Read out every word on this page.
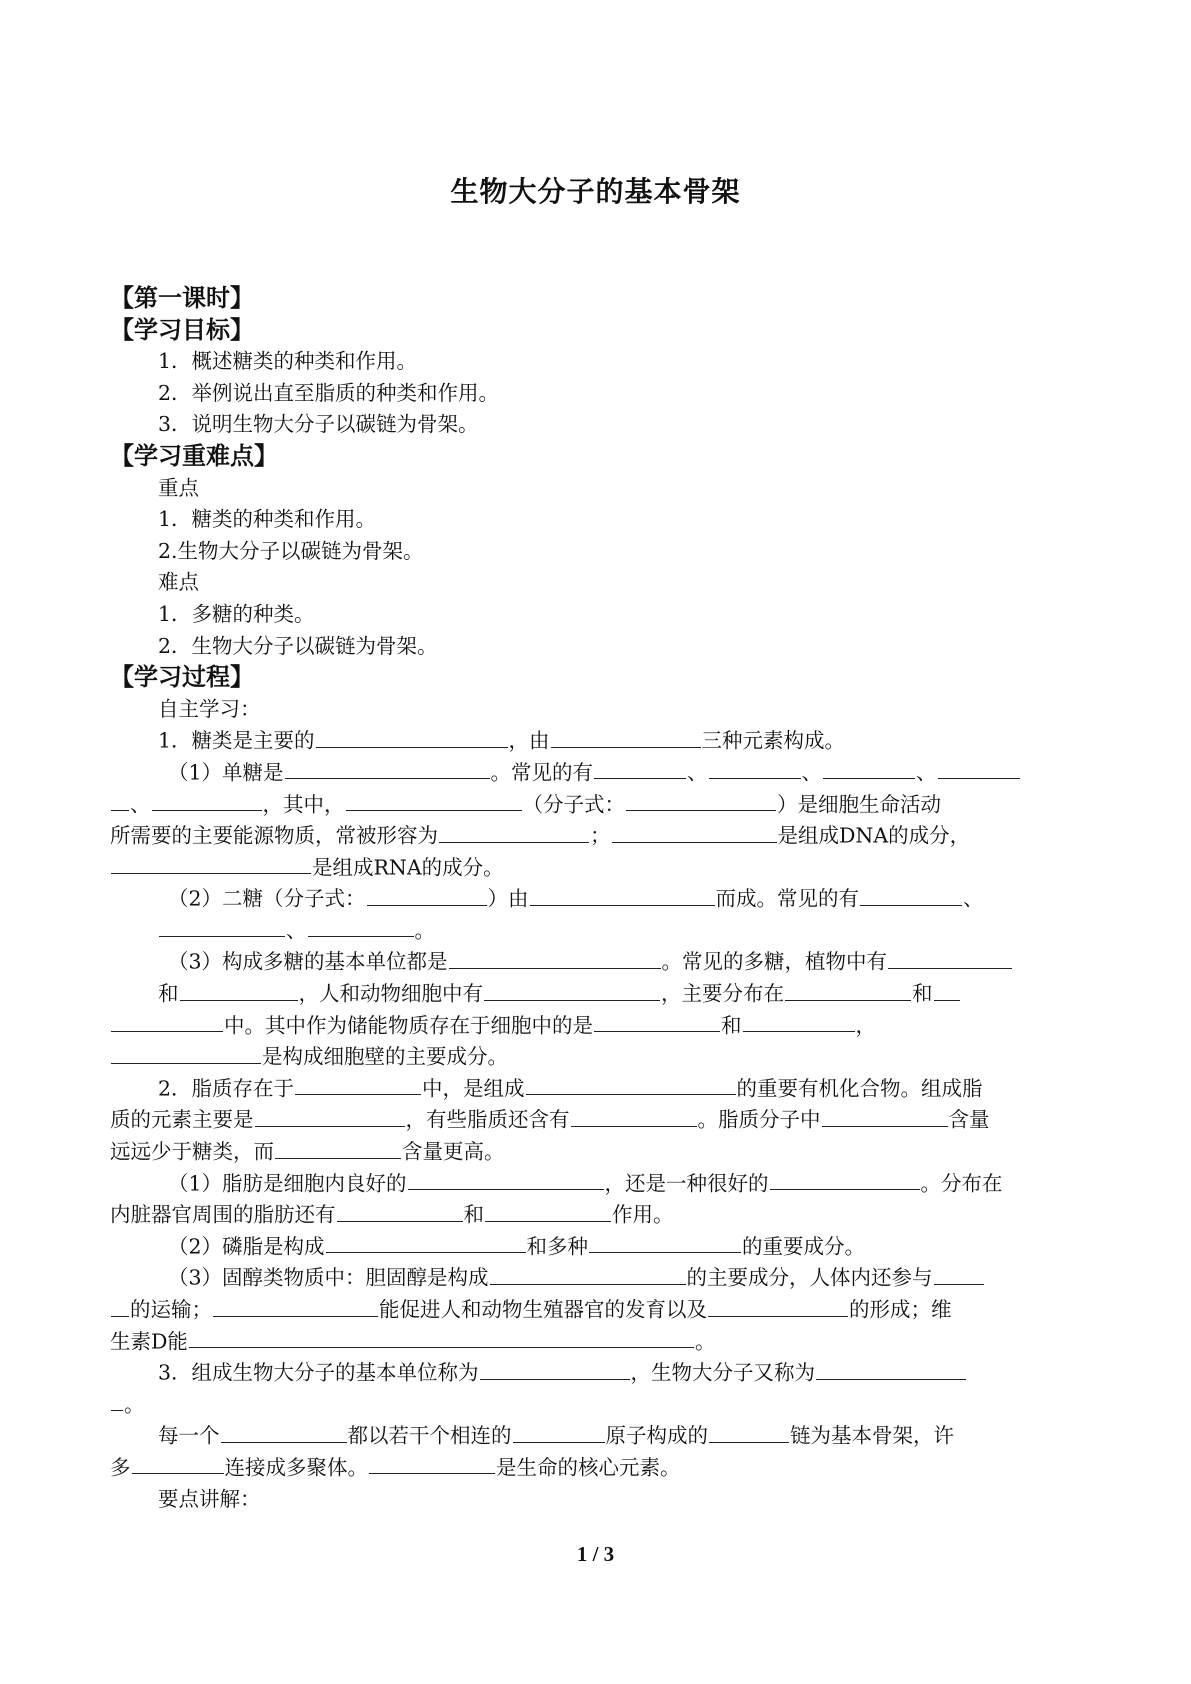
生物大分子的基本骨架
【第一课时】
【学习目标】
1．概述糖类的种类和作用。
2．举例说出直至脂质的种类和作用。
3．说明生物大分子以碳链为骨架。
【学习重难点】
重点
1．糖类的种类和作用。
2.生物大分子以碳链为骨架。
难点
1．多糖的种类。
2．生物大分子以碳链为骨架。
【学习过程】
自主学习：
1．糖类是主要的	，由	三种元素构成。
（1）单糖是	。常见的有	、	、	、
、	，其中，	（分子式：	）是细胞生命活动
所需要的主要能源物质，常被形容为	；	是组成DNA的成分，
是组成RNA的成分。
（2）二糖（分子式：	）由	而成。常见的有	、
、	。
（3）构成多糖的基本单位都是	。常见的多糖，植物中有
和	，人和动物细胞中有	，主要分布在	和
中。其中作为储能物质存在于细胞中的是	和	，
是构成细胞壁的主要成分。
2．脂质存在于	中，是组成	的重要有机化合物。组成脂
质的元素主要是	，有些脂质还含有	。脂质分子中	含量
远远少于糖类，而	含量更高。
（1）脂肪是细胞内良好的	，还是一种很好的	。分布在
内脏器官周围的脂肪还有	和	作用。
（2）磷脂是构成	和多种	的重要成分。
（3）固醇类物质中：胆固醇是构成	的主要成分，人体内还参与
的运输；	能促进人和动物生殖器官的发育以及	的形成；维
生素D能	。
3．组成生物大分子的基本单位称为	，生物大分子又称为
。
每一个	都以若干个相连的	原子构成的	链为基本骨架，许
多	连接成多聚体。	是生命的核心元素。
要点讲解：
1 / 3
